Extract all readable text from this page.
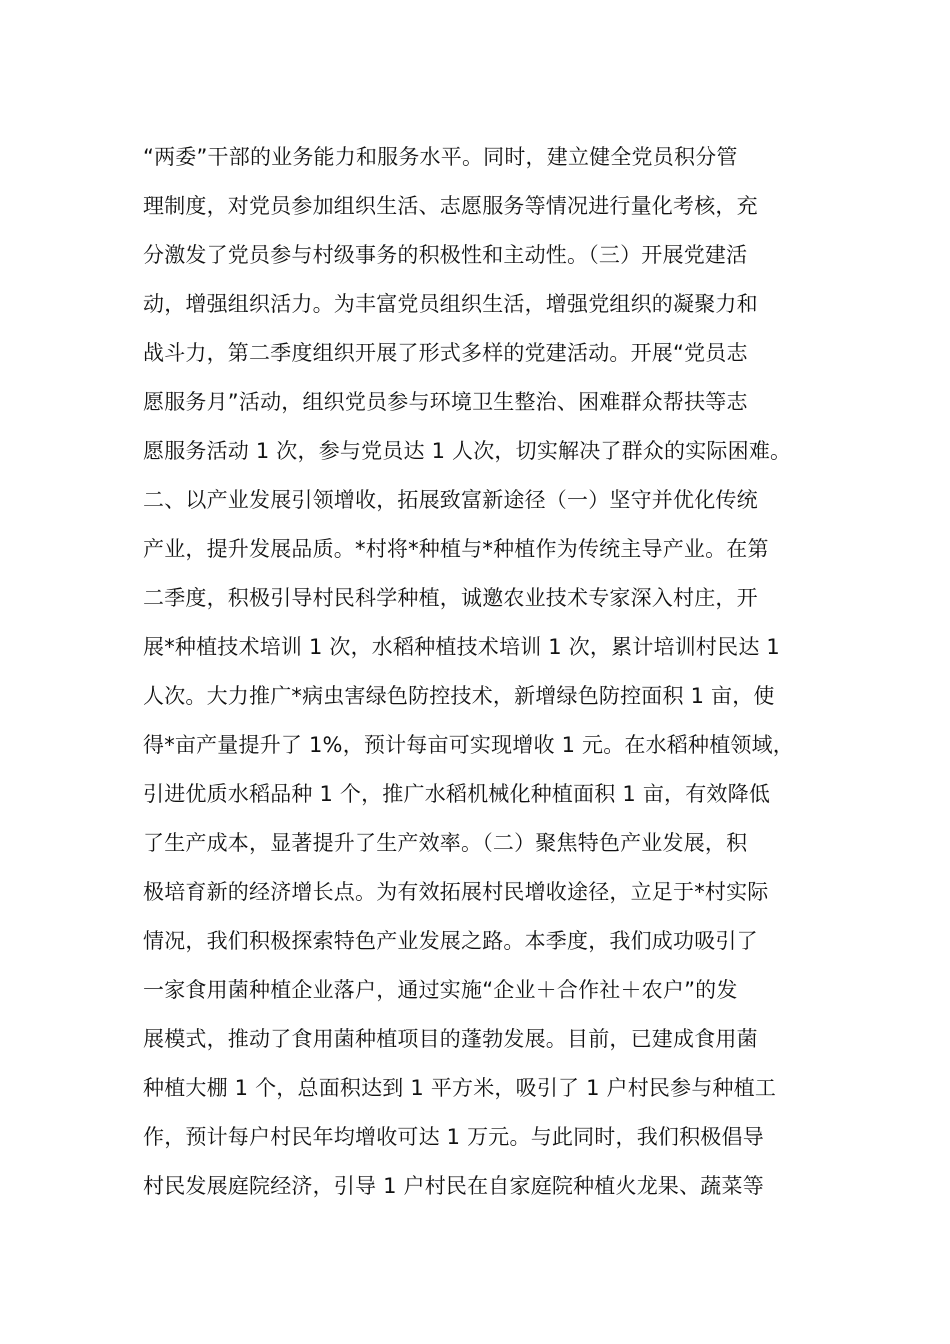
“两委”干部的业务能力和服务水平。同时，建立健全党员积分管
理制度，对党员参加组织生活、志愿服务等情况进行量化考核，充
分激发了党员参与村级事务的积极性和主动性。（三）开展党建活
动，增强组织活力。为丰富党员组织生活，增强党组织的凝聚力和
战斗力，第二季度组织开展了形式多样的党建活动。开展“党员志
愿服务月”活动，组织党员参与环境卫生整治、困难群众帮扶等志
愿服务活动 1 次，参与党员达 1 人次，切实解决了群众的实际困难。
二、以产业发展引领增收，拓展致富新途径（一）坚守并优化传统
产业，提升发展品质。*村将*种植与*种植作为传统主导产业。在第
二季度，积极引导村民科学种植，诚邀农业技术专家深入村庄，开
展*种植技术培训 1 次，水稻种植技术培训 1 次，累计培训村民达 1
人次。大力推广*病虫害绿色防控技术，新增绿色防控面积 1 亩，使
得*亩产量提升了 1%，预计每亩可实现增收 1 元。在水稻种植领域，
引进优质水稻品种 1 个，推广水稻机械化种植面积 1 亩，有效降低
了生产成本，显著提升了生产效率。（二）聚焦特色产业发展，积
极培育新的经济增长点。为有效拓展村民增收途径，立足于*村实际
情况，我们积极探索特色产业发展之路。本季度，我们成功吸引了
一家食用菌种植企业落户，通过实施“企业＋合作社＋农户”的发
展模式，推动了食用菌种植项目的蓬勃发展。目前，已建成食用菌
种植大棚 1 个，总面积达到 1 平方米，吸引了 1 户村民参与种植工
作，预计每户村民年均增收可达 1 万元。与此同时，我们积极倡导
村民发展庭院经济，引导 1 户村民在自家庭院种植火龙果、蔬菜等
